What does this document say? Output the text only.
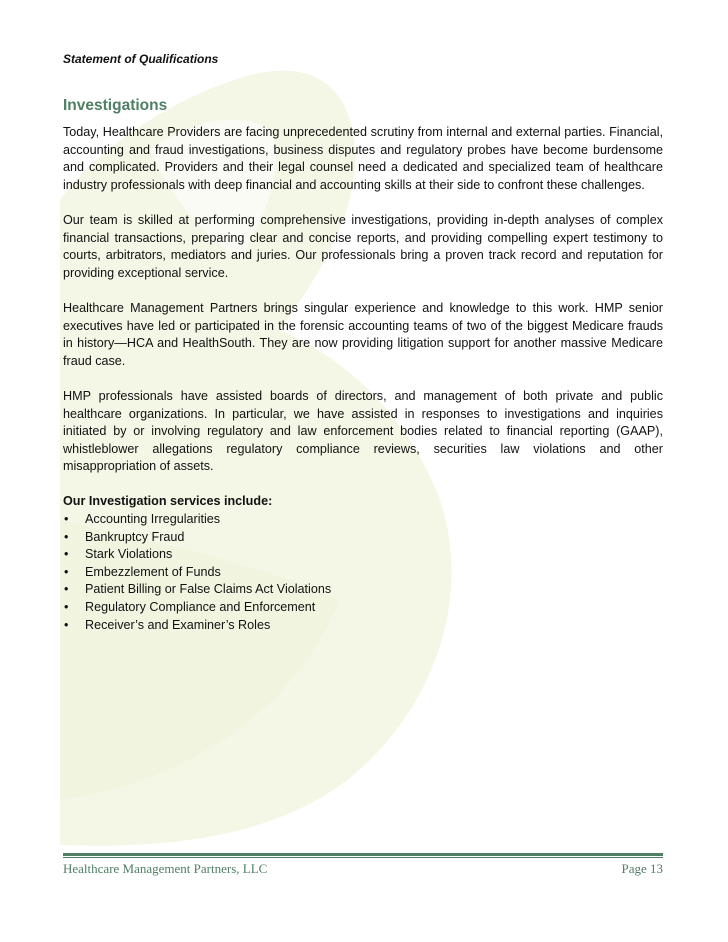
Statement of Qualifications
Investigations

Today, Healthcare Providers are facing unprecedented scrutiny from internal and external parties. Financial, accounting and fraud investigations, business disputes and regulatory probes have become burdensome and complicated. Providers and their legal counsel need a dedicated and specialized team of healthcare industry professionals with deep financial and accounting skills at their side to confront these challenges.

Our team is skilled at performing comprehensive investigations, providing in-depth analyses of complex financial transactions, preparing clear and concise reports, and providing compelling expert testimony to courts, arbitrators, mediators and juries. Our professionals bring a proven track record and reputation for providing exceptional service.

Healthcare Management Partners brings singular experience and knowledge to this work. HMP senior executives have led or participated in the forensic accounting teams of two of the biggest Medicare frauds in history—HCA and HealthSouth. They are now providing litigation support for another massive Medicare fraud case.

HMP professionals have assisted boards of directors, and management of both private and public healthcare organizations. In particular, we have assisted in responses to investigations and inquiries initiated by or involving regulatory and law enforcement bodies related to financial reporting (GAAP), whistleblower allegations regulatory compliance reviews, securities law violations and other misappropriation of assets.

Our Investigation services include:
• Accounting Irregularities
• Bankruptcy Fraud
• Stark Violations
• Embezzlement of Funds
• Patient Billing or False Claims Act Violations
• Regulatory Compliance and Enforcement
• Receiver’s and Examiner’s Roles
Healthcare Management Partners, LLC	Page 13
